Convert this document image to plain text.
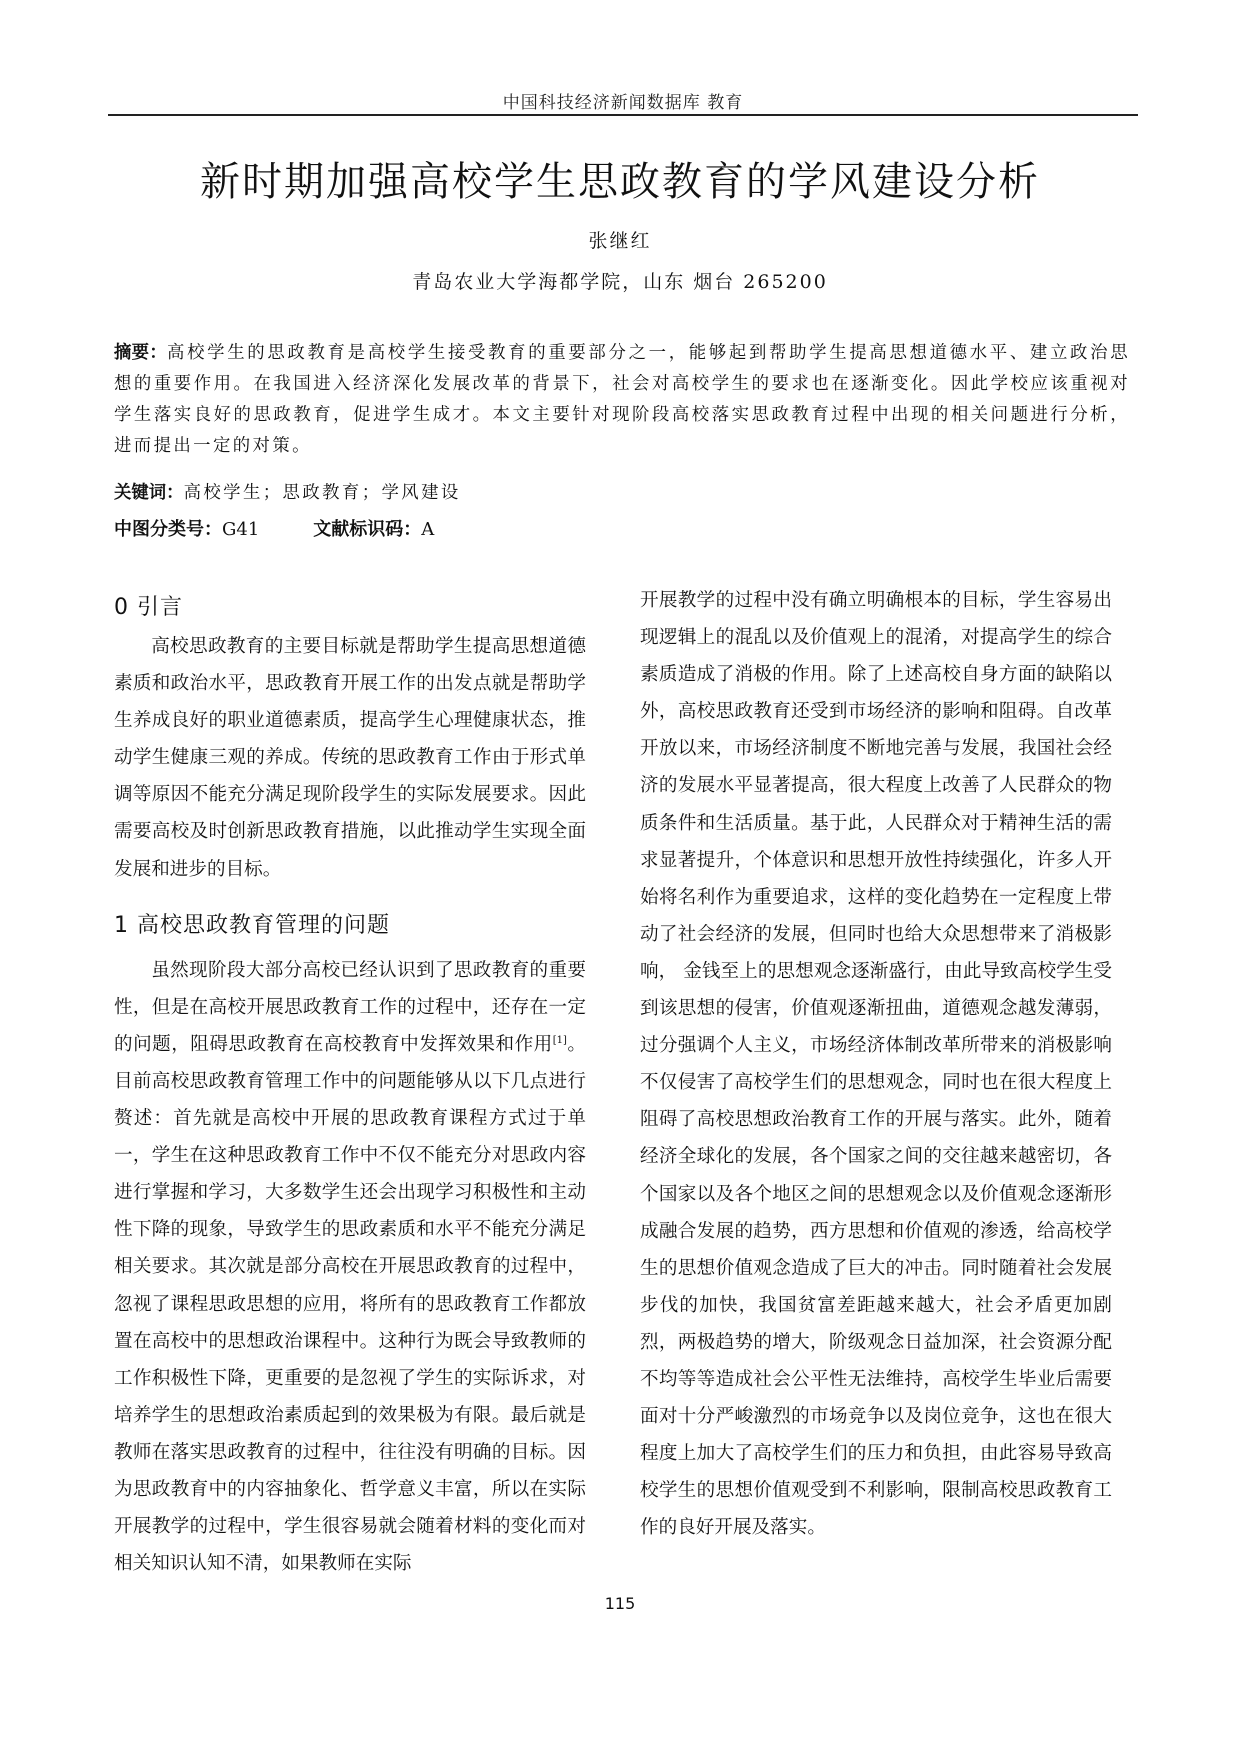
中国科技经济新闻数据库 教育
新时期加强高校学生思政教育的学风建设分析
张继红
青岛农业大学海都学院，山东 烟台 265200
摘要：高校学生的思政教育是高校学生接受教育的重要部分之一，能够起到帮助学生提高思想道德水平、建立政治思想的重要作用。在我国进入经济深化发展改革的背景下，社会对高校学生的要求也在逐渐变化。因此学校应该重视对学生落实良好的思政教育，促进学生成才。本文主要针对现阶段高校落实思政教育过程中出现的相关问题进行分析，进而提出一定的对策。
关键词：高校学生；思政教育；学风建设
中图分类号：G41	文献标识码：A
0 引言

高校思政教育的主要目标就是帮助学生提高思想道德素质和政治水平，思政教育开展工作的出发点就是帮助学生养成良好的职业道德素质，提高学生心理健康状态，推动学生健康三观的养成。传统的思政教育工作由于形式单调等原因不能充分满足现阶段学生的实际发展要求。因此需要高校及时创新思政教育措施，以此推动学生实现全面发展和进步的目标。

1 高校思政教育管理的问题

虽然现阶段大部分高校已经认识到了思政教育的重要性，但是在高校开展思政教育工作的过程中，还存在一定的问题，阻碍思政教育在高校教育中发挥效果和作用[1]。目前高校思政教育管理工作中的问题能够从以下几点进行赘述：首先就是高校中开展的思政教育课程方式过于单一，学生在这种思政教育工作中不仅不能充分对思政内容进行掌握和学习，大多数学生还会出现学习积极性和主动性下降的现象，导致学生的思政素质和水平不能充分满足相关要求。其次就是部分高校在开展思政教育的过程中，忽视了课程思政思想的应用，将所有的思政教育工作都放置在高校中的思想政治课程中。这种行为既会导致教师的工作积极性下降，更重要的是忽视了学生的实际诉求，对培养学生的思想政治素质起到的效果极为有限。最后就是教师在落实思政教育的过程中，往往没有明确的目标。因为思政教育中的内容抽象化、哲学意义丰富，所以在实际开展教学的过程中，学生很容易就会随着材料的变化而对相关知识认知不清，如果教师在实际

开展教学的过程中没有确立明确根本的目标，学生容易出现逻辑上的混乱以及价值观上的混淆，对提高学生的综合素质造成了消极的作用。除了上述高校自身方面的缺陷以外，高校思政教育还受到市场经济的影响和阻碍。自改革开放以来，市场经济制度不断地完善与发展，我国社会经济的发展水平显著提高，很大程度上改善了人民群众的物质条件和生活质量。基于此，人民群众对于精神生活的需求显著提升，个体意识和思想开放性持续强化，许多人开始将名利作为重要追求，这样的变化趋势在一定程度上带动了社会经济的发展，但同时也给大众思想带来了消极影响， 金钱至上的思想观念逐渐盛行，由此导致高校学生受到该思想的侵害，价值观逐渐扭曲，道德观念越发薄弱，过分强调个人主义，市场经济体制改革所带来的消极影响不仅侵害了高校学生们的思想观念，同时也在很大程度上阻碍了高校思想政治教育工作的开展与落实。此外，随着经济全球化的发展，各个国家之间的交往越来越密切，各个国家以及各个地区之间的思想观念以及价值观念逐渐形成融合发展的趋势，西方思想和价值观的渗透，给高校学生的思想价值观念造成了巨大的冲击。同时随着社会发展步伐的加快，我国贫富差距越来越大，社会矛盾更加剧烈，两极趋势的增大，阶级观念日益加深，社会资源分配不均等等造成社会公平性无法维持，高校学生毕业后需要面对十分严峻激烈的市场竞争以及岗位竞争，这也在很大程度上加大了高校学生们的压力和负担，由此容易导致高校学生的思想价值观受到不利影响，限制高校思政教育工作的良好开展及落实。

115
